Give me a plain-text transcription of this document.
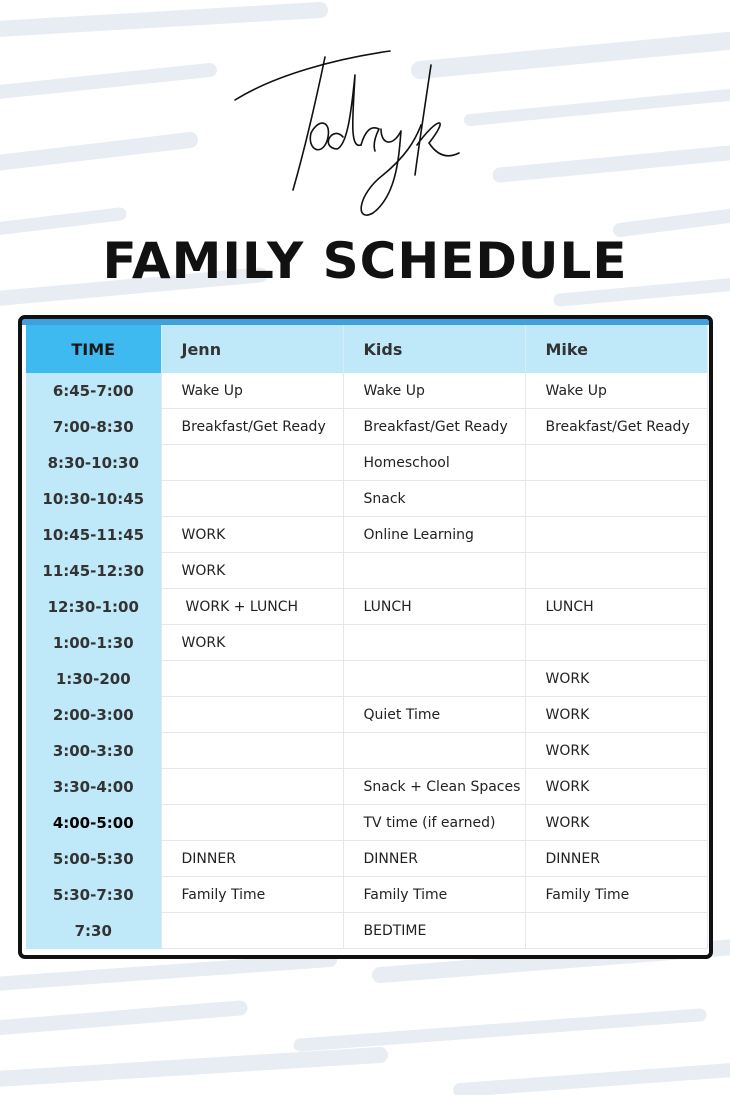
FAMILY SCHEDULE
TIME	Jenn	Kids	Mike
6:45-7:00	Wake Up	Wake Up	Wake Up
7:00-8:30	Breakfast/Get Ready	Breakfast/Get Ready	Breakfast/Get Ready
8:30-10:30		Homeschool	
10:30-10:45		Snack	
10:45-11:45	WORK	Online Learning	
11:45-12:30	WORK		
12:30-1:00	WORK + LUNCH	LUNCH	LUNCH
1:00-1:30	WORK		
1:30-200			WORK
2:00-3:00		Quiet Time	WORK
3:00-3:30			WORK
3:30-4:00		Snack + Clean Spaces	WORK
4:00-5:00		TV time (if earned)	WORK
5:00-5:30	DINNER	DINNER	DINNER
5:30-7:30	Family Time	Family Time	Family Time
7:30		BEDTIME	
